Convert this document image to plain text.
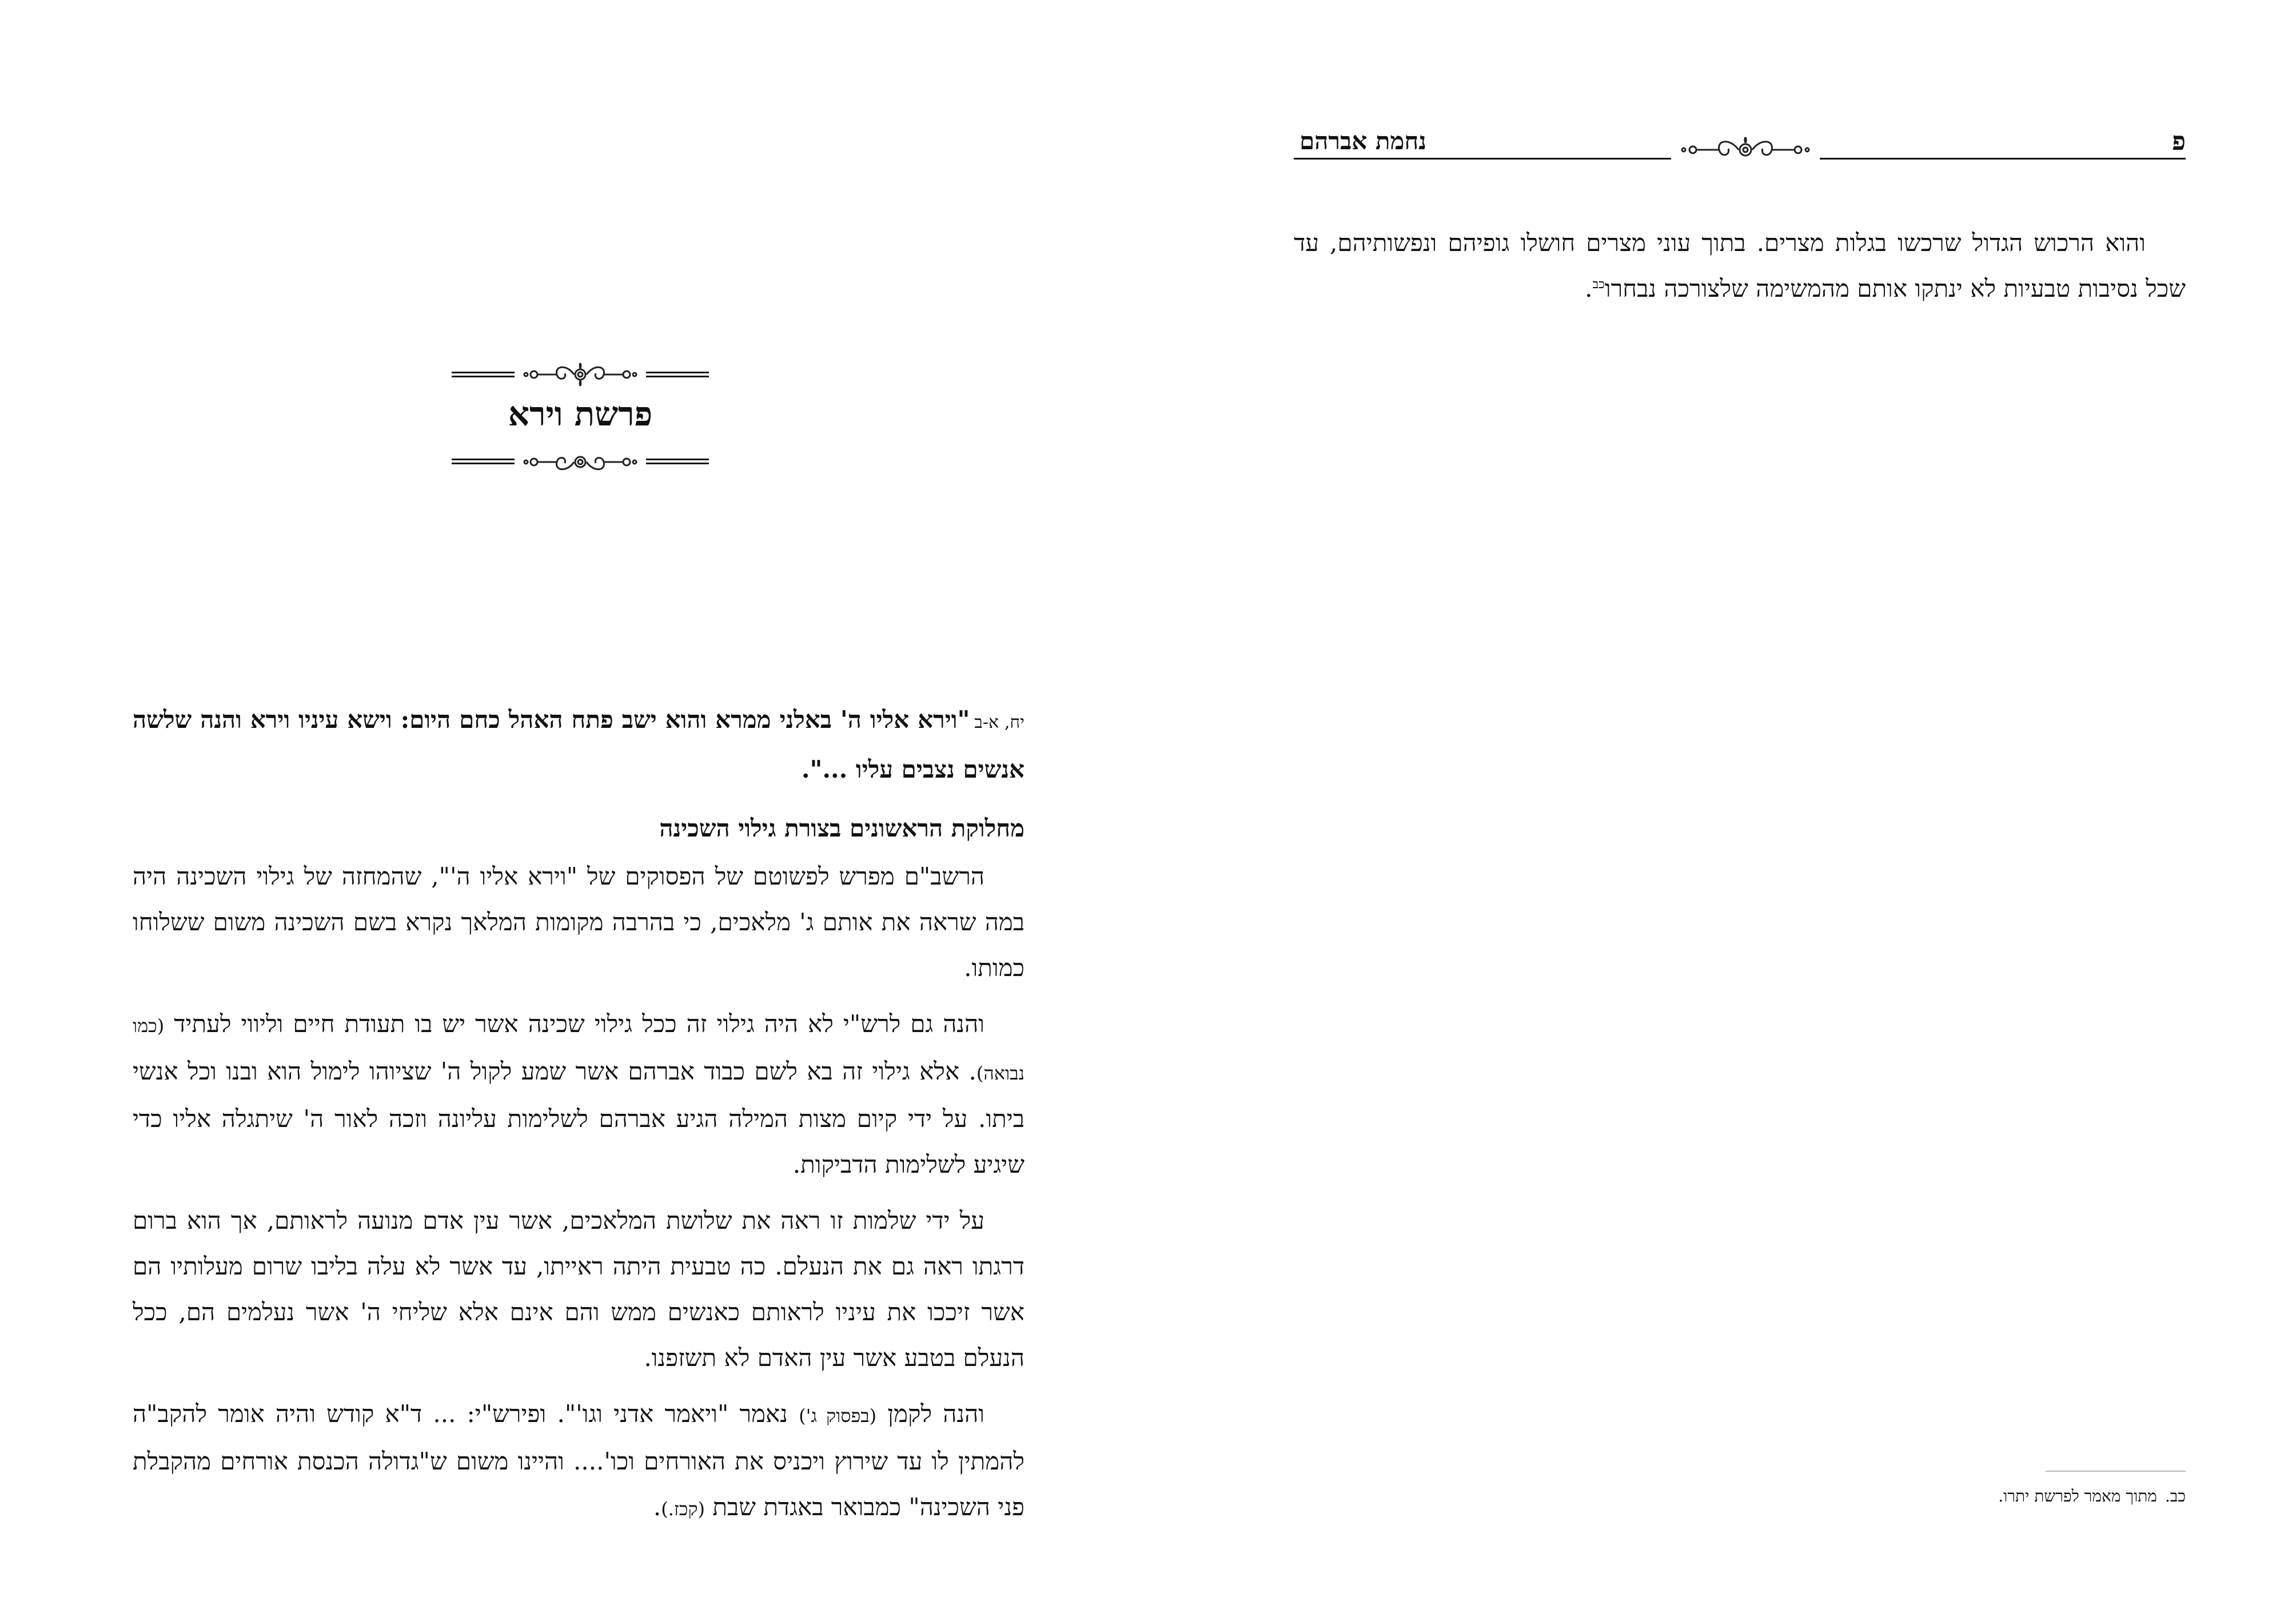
פרשת וירא

יח, א-ב"וירא אליו ה' באלני ממרא והוא ישב פתח האהל כחם היום: וישא עיניו וירא והנה שלשה אנשים נצבים עליו ...".

מחלוקת הראשונים בצורת גילוי השכינה

הרשב"ם מפרש לפשוטם של הפסוקים של "וירא אליו ה'", שהמחזה של גילוי השכינה היה במה שראה את אותם ג' מלאכים, כי בהרבה מקומות המלאך נקרא בשם השכינה משום ששלוחו כמותו.

והנה גם לרש"י לא היה גילוי זה ככל גילוי שכינה אשר יש בו תעודת חיים וליווי לעתיד (כמו נבואה). אלא גילוי זה בא לשם כבוד אברהם אשר שמע לקול ה' שציוהו לימול הוא ובנו וכל אנשי ביתו. על ידי קיום מצות המילה הגיע אברהם לשלימות עליונה וזכה לאור ה' שיתגלה אליו כדי שיגיע לשלימות הדביקות.

על ידי שלמות זו ראה את שלושת המלאכים, אשר עין אדם מנועה לראותם, אך הוא ברום דרגתו ראה גם את הנעלם. כה טבעית היתה ראייתו, עד אשר לא עלה בליבו שרום מעלותיו הם אשר זיככו את עיניו לראותם כאנשים ממש והם אינם אלא שליחי ה' אשר נעלמים הם, ככל הנעלם בטבע אשר עין האדם לא תשזפנו.

והנה לקמן (בפסוק ג') נאמר "ויאמר אדני וגו'". ופירש"י: ... ד"א קודש והיה אומר להקב"ה להמתין לו עד שירוץ ויכניס את האורחים וכו'.... והיינו משום ש"גדולה הכנסת אורחים מהקבלת פני השכינה" כמבואר באגדת שבת (קכז.).

פ
נחמת אברהם

והוא הרכוש הגדול שרכשו בגלות מצרים. בתוך עוני מצרים חושלו גופיהם ונפשותיהם, עד שכל נסיבות טבעיות לא ינתקו אותם מהמשימה שלצורכה נבחרו$^{כב}$.

כב.מתוך מאמר לפרשת יתרו.
